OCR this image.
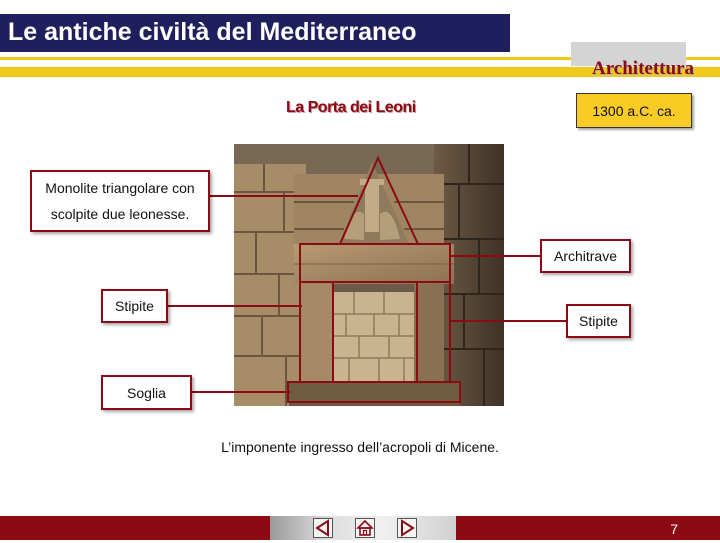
Le antiche civiltà del Mediterraneo
Architettura
La Porta dei Leoni	1300 a.C. ca.
Monolite triangolare con scolpite due leonesse.
Architrave
Stipite
Stipite
Soglia
L’imponente ingresso dell’acropoli di Micene.
7
